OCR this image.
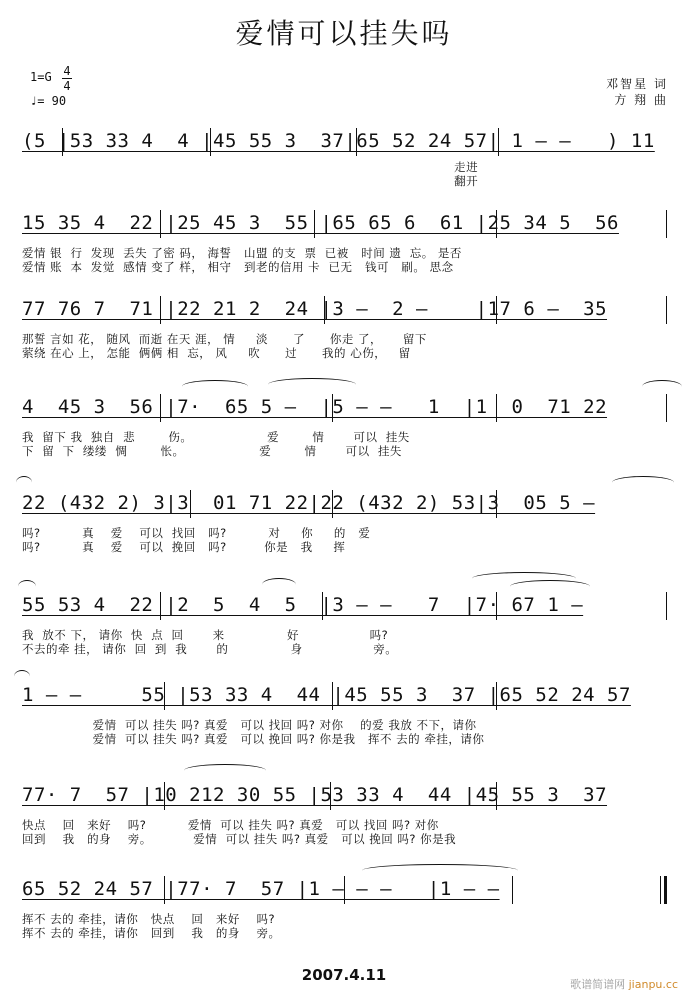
爱情可以挂失吗
1=G 4
4
♩= 90
邓智星 词
方 翔 曲
(5 |53 33 4  4 |45 55 3  37|65 52 24 57| 1 – –   ) 11
走进
翻开
15 35 4  22 |25 45 3  55 |65 65 6  61 |25 34 5  56
爱情 银  行  发现  丢失 了密 码， 海誓   山盟 的支  票  已被   时间 遗  忘。 是否
爱情 账  本  发觉  感情 变了 样， 相守   到老的信用 卡  已无   钱可   刷。 思念
77 76 7  71 |22 21 2  24 |3 –  2 –    |17 6 –  35
那誓 言如 花， 随风  而逝 在天 涯， 情     淡      了      你走 了，     留下
萦绕 在心 上， 怎能  俩俩 相  忘， 风     吹      过      我的 心伤，   留
4  45 3  56 |7·  65 5 –  |5 – –   1  |1  0  71 22
我  留下 我  独自  悲        伤。                  爱        情       可以  挂失
下  留  下  缕缕  惆        怅。                  爱        情       可以  挂失
22 (432 2) 3|3  01 71 22|22 (432 2) 53|3  05 5 –
吗?          真    爱    可以  找回   吗?          对     你     的   爱
吗?          真    爱    可以  挽回   吗?         你是   我     挥
55 53 4  22 |2  5  4  5  |3 – –   7  |7· 67 1 –
我  放不 下， 请你  快  点  回       来               好                 吗?
不去的牵 挂， 请你  回  到  我       的               身                 旁。
1 – –     55 |53 33 4  44 |45 55 3  37 |65 52 24 57
爱情  可以 挂失 吗? 真爱   可以 找回 吗? 对你    的爱 我放 不下，请你
爱情  可以 挂失 吗? 真爱   可以 挽回 吗? 你是我   挥不 去的 牵挂，请你
77· 7  57 |10 212 30 55 |53 33 4  44 |45 55 3  37
快点    回   来好    吗?          爱情  可以 挂失 吗? 真爱   可以 找回 吗? 对你
回到    我   的身    旁。          爱情  可以 挂失 吗? 真爱   可以 挽回 吗? 你是我
65 52 24 57 |77· 7  57 |1 – – –   |1 – –
挥不 去的 牵挂，请你   快点    回   来好    吗?
挥不 去的 牵挂，请你   回到    我   的身    旁。
2007.4.11
歌谱简谱网 jianpu.cc
